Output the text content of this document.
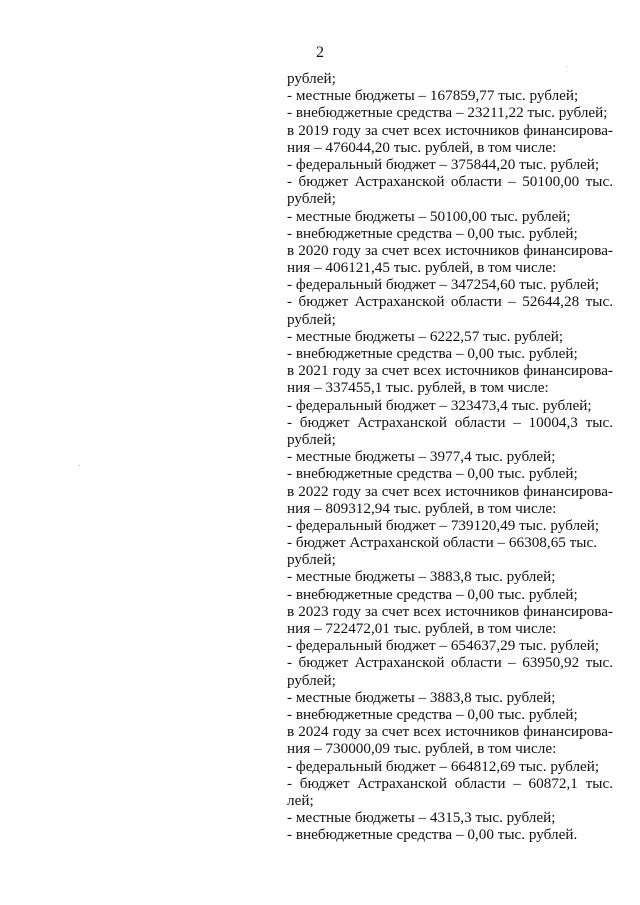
2
рублей;
- местные бюджеты – 167859,77 тыс. рублей;
- внебюджетные средства – 23211,22 тыс. рублей;
в 2019 году за счет всех источников финансирова-
ния – 476044,20 тыс. рублей, в том числе:
- федеральный бюджет – 375844,20 тыс. рублей;
- бюджет Астраханской области – 50100,00 тыс.
рублей;
- местные бюджеты – 50100,00 тыс. рублей;
- внебюджетные средства – 0,00 тыс. рублей;
в 2020 году за счет всех источников финансирова-
ния – 406121,45 тыс. рублей, в том числе:
- федеральный бюджет – 347254,60 тыс. рублей;
- бюджет Астраханской области – 52644,28 тыс.
рублей;
- местные бюджеты – 6222,57 тыс. рублей;
- внебюджетные средства – 0,00 тыс. рублей;
в 2021 году за счет всех источников финансирова-
ния – 337455,1 тыс. рублей, в том числе:
- федеральный бюджет – 323473,4 тыс. рублей;
- бюджет Астраханской области – 10004,3 тыс.
рублей;
- местные бюджеты – 3977,4 тыс. рублей;
- внебюджетные средства – 0,00 тыс. рублей;
в 2022 году за счет всех источников финансирова-
ния – 809312,94 тыс. рублей, в том числе:
- федеральный бюджет – 739120,49 тыс. рублей;
- бюджет Астраханской области – 66308,65 тыс.
рублей;
- местные бюджеты – 3883,8 тыс. рублей;
- внебюджетные средства – 0,00 тыс. рублей;
в 2023 году за счет всех источников финансирова-
ния – 722472,01 тыс. рублей, в том числе:
- федеральный бюджет – 654637,29 тыс. рублей;
- бюджет Астраханской области – 63950,92 тыс.
рублей;
- местные бюджеты – 3883,8 тыс. рублей;
- внебюджетные средства – 0,00 тыс. рублей;
в 2024 году за счет всех источников финансирова-
ния – 730000,09 тыс. рублей, в том числе:
- федеральный бюджет – 664812,69 тыс. рублей;
- бюджет Астраханской области – 60872,1 тыс.
лей;
- местные бюджеты – 4315,3 тыс. рублей;
- внебюджетные средства – 0,00 тыс. рублей.
